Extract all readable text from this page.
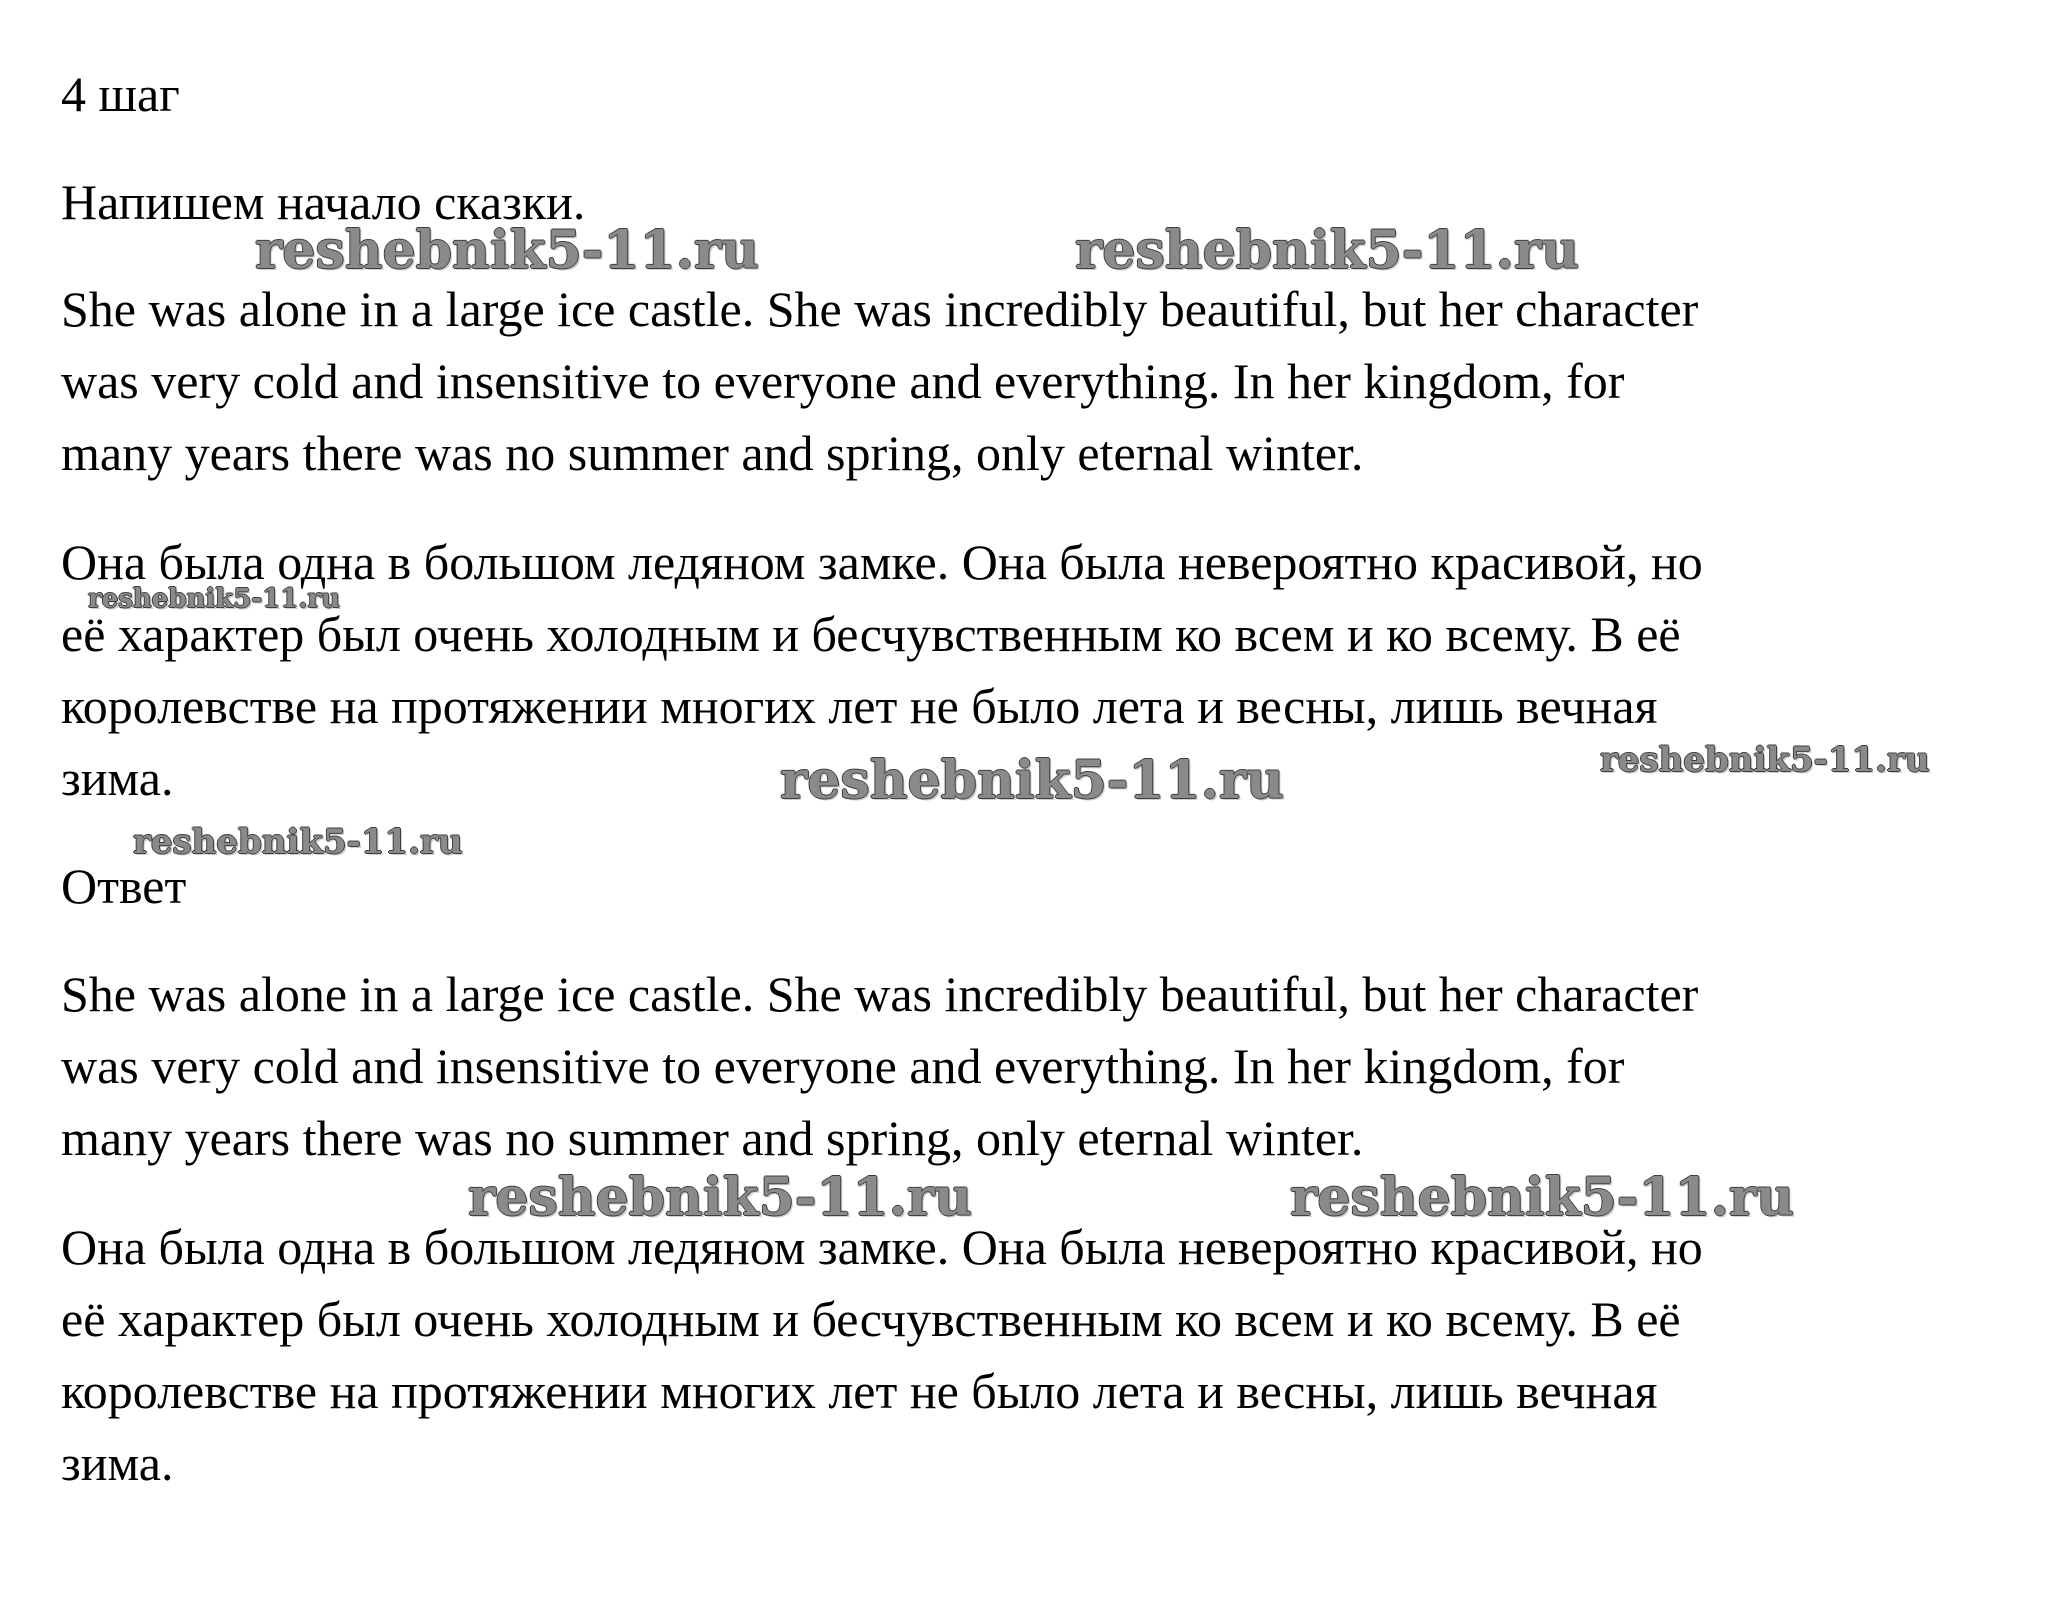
4 шаг
Напишем начало сказки.
She was alone in a large ice castle. She was incredibly beautiful, but her character
was very cold and insensitive to everyone and everything. In her kingdom, for
many years there was no summer and spring, only eternal winter.
Она была одна в большом ледяном замке. Она была невероятно красивой, но
её характер был очень холодным и бесчувственным ко всем и ко всему. В её
королевстве на протяжении многих лет не было лета и весны, лишь вечная
зима.
Ответ
She was alone in a large ice castle. She was incredibly beautiful, but her character
was very cold and insensitive to everyone and everything. In her kingdom, for
many years there was no summer and spring, only eternal winter.
Она была одна в большом ледяном замке. Она была невероятно красивой, но
её характер был очень холодным и бесчувственным ко всем и ко всему. В её
королевстве на протяжении многих лет не было лета и весны, лишь вечная
зима.
reshebnik5-11.ru	reshebnik5-11.ru
reshebnik5-11.ru
reshebnik5-11.ru	reshebnik5-11.ru
reshebnik5-11.ru
reshebnik5-11.ru	reshebnik5-11.ru
